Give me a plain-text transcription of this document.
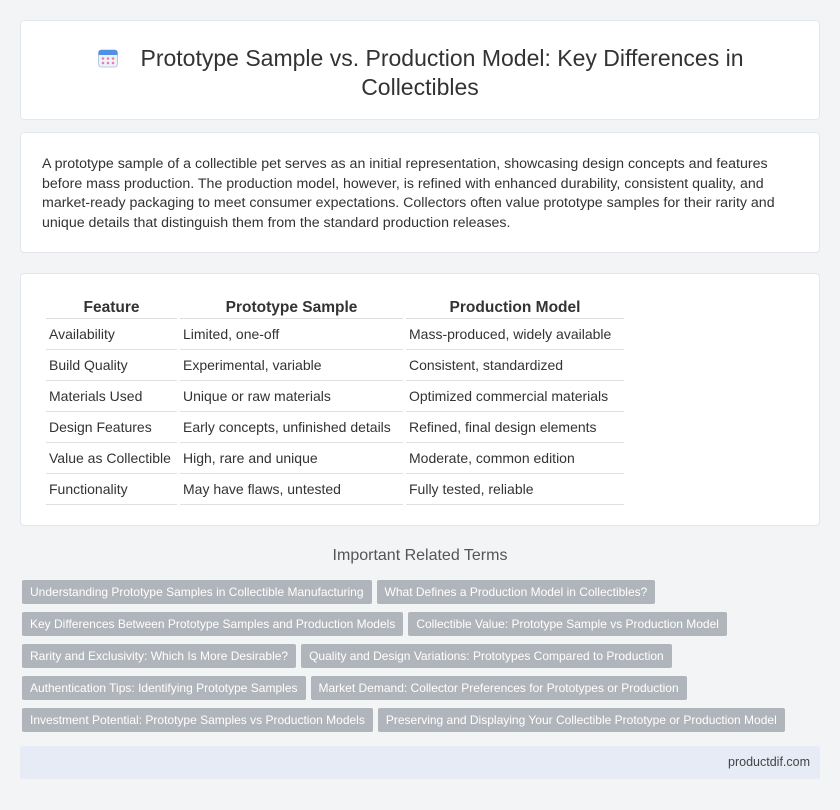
Prototype Sample vs. Production Model: Key Differences in
Collectibles

A prototype sample of a collectible pet serves as an initial representation, showcasing design concepts and features before mass production. The production model, however, is refined with enhanced durability, consistent quality, and market-ready packaging to meet consumer expectations. Collectors often value prototype samples for their rarity and unique details that distinguish them from the standard production releases.

Feature	Prototype Sample	Production Model
Availability	Limited, one-off	Mass-produced, widely available
Build Quality	Experimental, variable	Consistent, standardized
Materials Used	Unique or raw materials	Optimized commercial materials
Design Features	Early concepts, unfinished details	Refined, final design elements
Value as Collectible	High, rare and unique	Moderate, common edition
Functionality	May have flaws, untested	Fully tested, reliable
Important Related Terms
Understanding Prototype Samples in Collectible Manufacturing What Defines a Production Model in Collectibles?Key Differences Between Prototype Samples and Production Models Collectible Value: Prototype Sample vs Production ModelRarity and Exclusivity: Which Is More Desirable? Quality and Design Variations: Prototypes Compared to ProductionAuthentication Tips: Identifying Prototype Samples Market Demand: Collector Preferences for Prototypes or ProductionInvestment Potential: Prototype Samples vs Production Models Preserving and Displaying Your Collectible Prototype or Production Model
productdif.com
